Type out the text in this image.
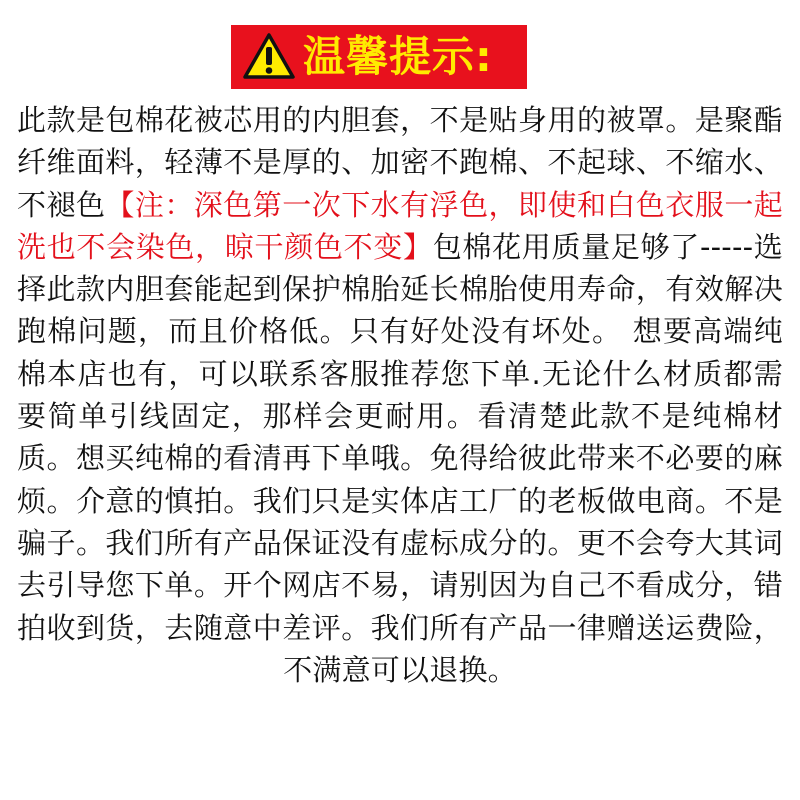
温馨提示:

此款是包棉花被芯用的内胆套，不是贴身用的被罩。是聚酯纤维面料，轻薄不是厚的、加密不跑棉、不起球、不缩水、不褪色【注：深色第一次下水有浮色，即使和白色衣服一起洗也不会染色，晾干颜色不变】包棉花用质量足够了-----选择此款内胆套能起到保护棉胎延长棉胎使用寿命，有效解决跑棉问题，而且价格低。只有好处没有坏处。 想要高端纯棉本店也有，可以联系客服推荐您下单.无论什么材质都需要简单引线固定，那样会更耐用。看清楚此款不是纯棉材质。想买纯棉的看清再下单哦。免得给彼此带来不必要的麻烦。介意的慎拍。我们只是实体店工厂的老板做电商。不是骗子。我们所有产品保证没有虚标成分的。更不会夸大其词去引导您下单。开个网店不易，请别因为自己不看成分，错拍收到货，去随意中差评。我们所有产品一律赠送运费险，不满意可以退换。
